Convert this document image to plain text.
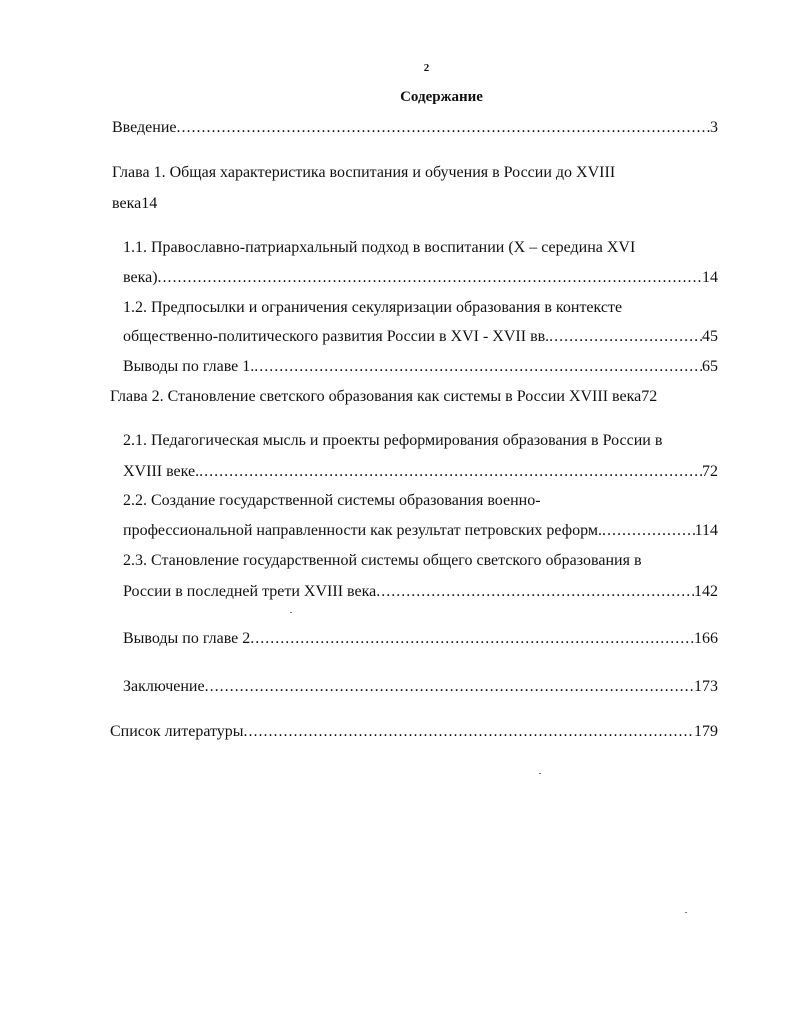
2
Содержание
Введение .....	3
Глава 1. Общая характеристика воспитания и обучения в России до XVIII
века14
1.1. Православно-патриархальный подход в воспитании (X – середина XVI
века) .....	14
1.2. Предпосылки и ограничения секуляризации образования в контексте
общественно-политического развития России в XVI - XVII вв. .....	45
Выводы по главе 1. .....	65
Глава 2. Становление светского образования как системы в России XVIII века72
2.1. Педагогическая мысль и проекты реформирования образования в России в
XVIII веке. .....	72
2.2. Создание государственной системы образования военно-
профессиональной направленности как результат петровских реформ. .....	114
2.3. Становление государственной системы общего светского образования в
России в последней трети XVIII века .....	142
Выводы по главе 2 .....	166
Заключение .....	173
Список литературы .....	179
